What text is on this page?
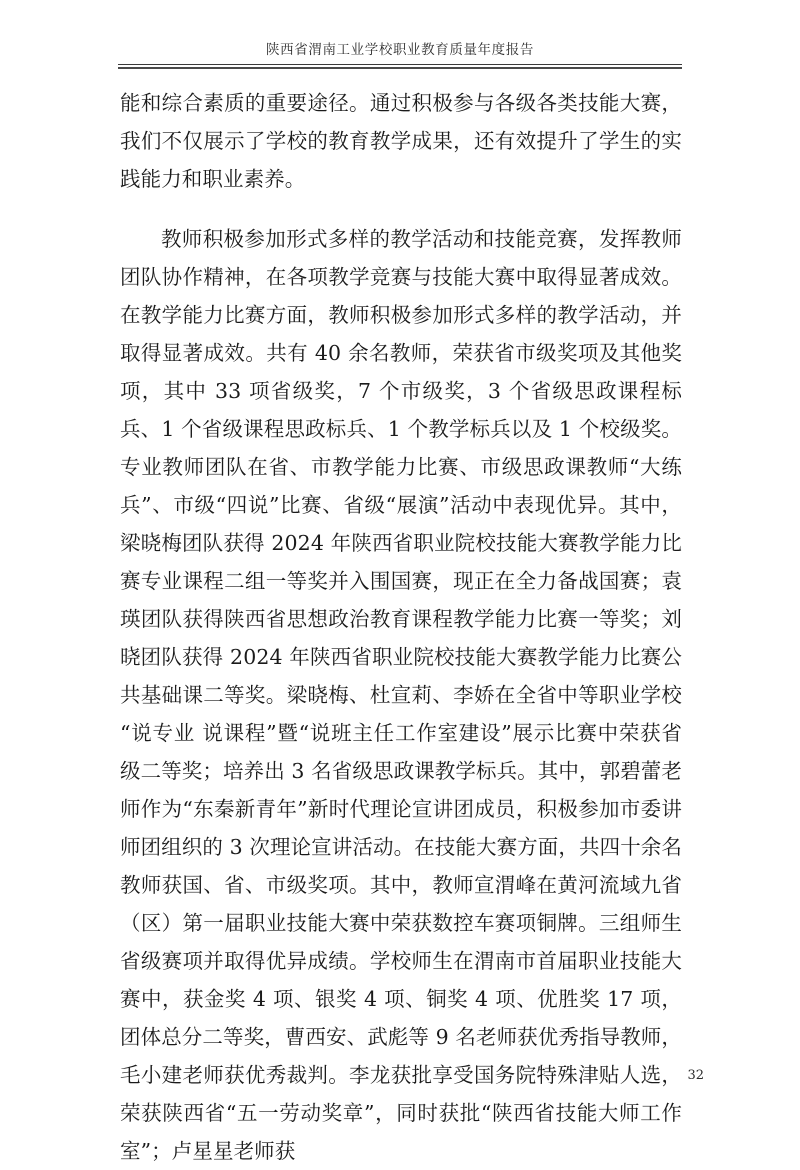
陕西省渭南工业学校职业教育质量年度报告

能和综合素质的重要途径。通过积极参与各级各类技能大赛，我们不仅展示了学校的教育教学成果，还有效提升了学生的实践能力和职业素养。

教师积极参加形式多样的教学活动和技能竞赛，发挥教师团队协作精神，在各项教学竞赛与技能大赛中取得显著成效。在教学能力比赛方面，教师积极参加形式多样的教学活动，并取得显著成效。共有 40 余名教师，荣获省市级奖项及其他奖项，其中 33 项省级奖，7 个市级奖，3 个省级思政课程标兵、1 个省级课程思政标兵、1 个教学标兵以及 1 个校级奖。专业教师团队在省、市教学能力比赛、市级思政课教师“大练兵”、市级“四说”比赛、省级“展演”活动中表现优异。其中，梁晓梅团队获得 2024 年陕西省职业院校技能大赛教学能力比赛专业课程二组一等奖并入围国赛，现正在全力备战国赛；袁瑛团队获得陕西省思想政治教育课程教学能力比赛一等奖；刘晓团队获得 2024 年陕西省职业院校技能大赛教学能力比赛公共基础课二等奖。梁晓梅、杜宣莉、李娇在全省中等职业学校“说专业 说课程”暨“说班主任工作室建设”展示比赛中荣获省级二等奖；培养出 3 名省级思政课教学标兵。其中，郭碧蕾老师作为“东秦新青年”新时代理论宣讲团成员，积极参加市委讲师团组织的 3 次理论宣讲活动。在技能大赛方面，共四十余名教师获国、省、市级奖项。其中，教师宣渭峰在黄河流域九省（区）第一届职业技能大赛中荣获数控车赛项铜牌。三组师生省级赛项并取得优异成绩。学校师生在渭南市首届职业技能大赛中，获金奖 4 项、银奖 4 项、铜奖 4 项、优胜奖 17 项，团体总分二等奖，曹西安、武彪等 9 名老师获优秀指导教师，毛小建老师获优秀裁判。李龙获批享受国务院特殊津贴人选，荣获陕西省“五一劳动奖章”，同时获批“陕西省技能大师工作室”；卢星星老师获

32
